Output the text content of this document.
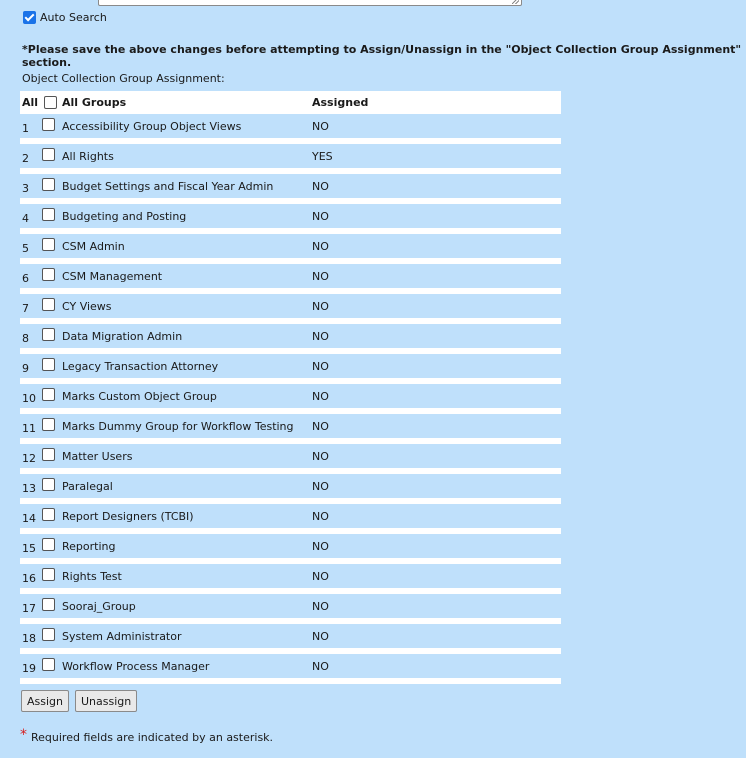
Auto Search
*Please save the above changes before attempting to Assign/Unassign in the "Object Collection Group Assignment" section.
Object Collection Group Assignment:
All		All Groups	Assigned
1		Accessibility Group Object Views	NO
2		All Rights	YES
3		Budget Settings and Fiscal Year Admin	NO
4		Budgeting and Posting	NO
5		CSM Admin	NO
6		CSM Management	NO
7		CY Views	NO
8		Data Migration Admin	NO
9		Legacy Transaction Attorney	NO
10		Marks Custom Object Group	NO
11		Marks Dummy Group for Workflow Testing	NO
12		Matter Users	NO
13		Paralegal	NO
14		Report Designers (TCBI)	NO
15		Reporting	NO
16		Rights Test	NO
17		Sooraj_Group	NO
18		System Administrator	NO
19		Workflow Process Manager	NO
Assign	Unassign
* Required fields are indicated by an asterisk.
